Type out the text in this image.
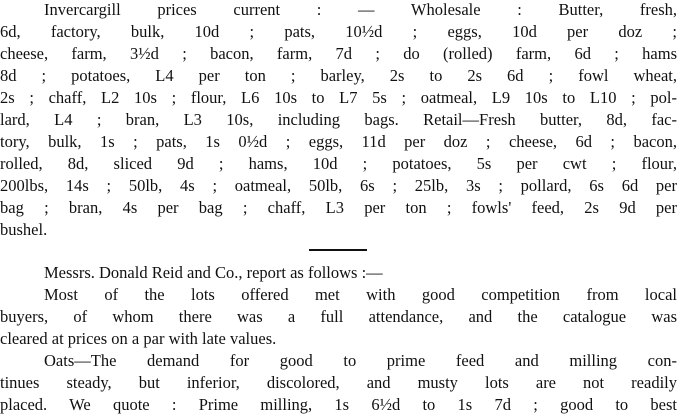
Invercargill prices current : — Wholesale : Butter, fresh,
6d, factory, bulk, 10d ; pats, 10½d ; eggs, 10d per doz ;
cheese, farm, 3½d ; bacon, farm, 7d ; do (rolled) farm, 6d ; hams
8d ; potatoes, L4 per ton ; barley, 2s to 2s 6d ; fowl wheat,
2s ; chaff, L2 10s ; flour, L6 10s to L7 5s ; oatmeal, L9 10s to L10 ; pol-
lard, L4 ; bran, L3 10s, including bags. Retail—Fresh butter, 8d, fac-
tory, bulk, 1s ; pats, 1s 0½d ; eggs, 11d per doz ; cheese, 6d ; bacon,
rolled, 8d, sliced 9d ; hams, 10d ; potatoes, 5s per cwt ; flour,
200lbs, 14s ; 50lb, 4s ; oatmeal, 50lb, 6s ; 25lb, 3s ; pollard, 6s 6d per
bag ; bran, 4s per bag ; chaff, L3 per ton ; fowls' feed, 2s 9d per
bushel.
Messrs. Donald Reid and Co., report as follows :—
Most of the lots offered met with good competition from local
buyers, of whom there was a full attendance, and the catalogue was
cleared at prices on a par with late values.
Oats—The demand for good to prime feed and milling con-
tinues steady, but inferior, discolored, and musty lots are not readily
placed. We quote : Prime milling, 1s 6½d to 1s 7d ; good to best
